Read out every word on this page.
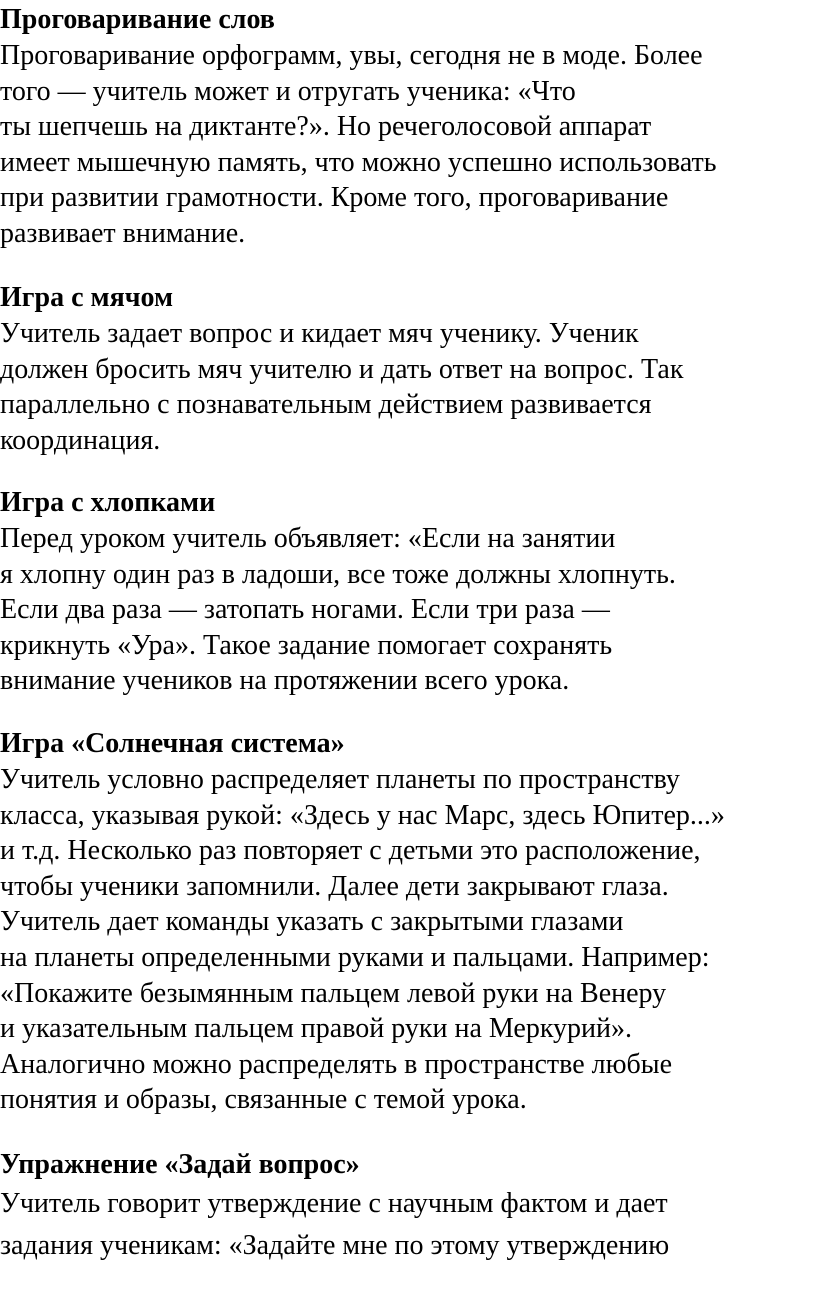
Проговаривание слов
Проговаривание орфограмм, увы, сегодня не в моде. Более
того — учитель может и отругать ученика: «Что
ты шепчешь на диктанте?». Но речеголосовой аппарат
имеет мышечную память, что можно успешно использовать
при развитии грамотности. Кроме того, проговаривание
развивает внимание.
Игра с мячом
Учитель задает вопрос и кидает мяч ученику. Ученик
должен бросить мяч учителю и дать ответ на вопрос. Так
параллельно с познавательным действием развивается
координация.
Игра с хлопками
Перед уроком учитель объявляет: «Если на занятии
я хлопну один раз в ладоши, все тоже должны хлопнуть.
Если два раза — затопать ногами. Если три раза —
крикнуть «Ура». Такое задание помогает сохранять
внимание учеников на протяжении всего урока.
Игра «Солнечная система»
Учитель условно распределяет планеты по пространству
класса, указывая рукой: «Здесь у нас Марс, здесь Юпитер...»
и т.д. Несколько раз повторяет с детьми это расположение,
чтобы ученики запомнили. Далее дети закрывают глаза.
Учитель дает команды указать с закрытыми глазами
на планеты определенными руками и пальцами. Например:
«Покажите безымянным пальцем левой руки на Венеру
и указательным пальцем правой руки на Меркурий».
Аналогично можно распределять в пространстве любые
понятия и образы, связанные с темой урока.
Упражнение «Задай вопрос»
Учитель говорит утверждение с научным фактом и дает
задания ученикам: «Задайте мне по этому утверждению
